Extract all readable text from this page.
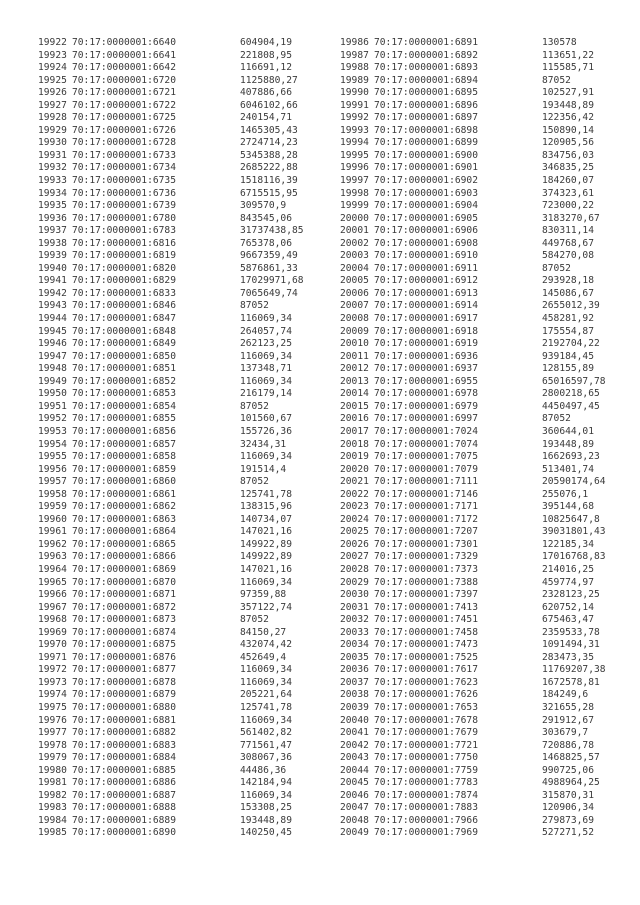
19922 70:17:0000001:6640	604904,19
19923 70:17:0000001:6641	221808,95
19924 70:17:0000001:6642	116691,12
19925 70:17:0000001:6720	1125880,27
19926 70:17:0000001:6721	407886,66
19927 70:17:0000001:6722	6046102,66
19928 70:17:0000001:6725	240154,71
19929 70:17:0000001:6726	1465305,43
19930 70:17:0000001:6728	2724714,23
19931 70:17:0000001:6733	5345388,28
19932 70:17:0000001:6734	2685222,88
19933 70:17:0000001:6735	1518116,39
19934 70:17:0000001:6736	6715515,95
19935 70:17:0000001:6739	309570,9
19936 70:17:0000001:6780	843545,06
19937 70:17:0000001:6783	31737438,85
19938 70:17:0000001:6816	765378,06
19939 70:17:0000001:6819	9667359,49
19940 70:17:0000001:6820	5876861,33
19941 70:17:0000001:6829	17029971,68
19942 70:17:0000001:6833	7065649,74
19943 70:17:0000001:6846	87052
19944 70:17:0000001:6847	116069,34
19945 70:17:0000001:6848	264057,74
19946 70:17:0000001:6849	262123,25
19947 70:17:0000001:6850	116069,34
19948 70:17:0000001:6851	137348,71
19949 70:17:0000001:6852	116069,34
19950 70:17:0000001:6853	216179,14
19951 70:17:0000001:6854	87052
19952 70:17:0000001:6855	101560,67
19953 70:17:0000001:6856	155726,36
19954 70:17:0000001:6857	32434,31
19955 70:17:0000001:6858	116069,34
19956 70:17:0000001:6859	191514,4
19957 70:17:0000001:6860	87052
19958 70:17:0000001:6861	125741,78
19959 70:17:0000001:6862	138315,96
19960 70:17:0000001:6863	140734,07
19961 70:17:0000001:6864	147021,16
19962 70:17:0000001:6865	149922,89
19963 70:17:0000001:6866	149922,89
19964 70:17:0000001:6869	147021,16
19965 70:17:0000001:6870	116069,34
19966 70:17:0000001:6871	97359,88
19967 70:17:0000001:6872	357122,74
19968 70:17:0000001:6873	87052
19969 70:17:0000001:6874	84150,27
19970 70:17:0000001:6875	432074,42
19971 70:17:0000001:6876	452649,4
19972 70:17:0000001:6877	116069,34
19973 70:17:0000001:6878	116069,34
19974 70:17:0000001:6879	205221,64
19975 70:17:0000001:6880	125741,78
19976 70:17:0000001:6881	116069,34
19977 70:17:0000001:6882	561402,82
19978 70:17:0000001:6883	771561,47
19979 70:17:0000001:6884	308067,36
19980 70:17:0000001:6885	44486,36
19981 70:17:0000001:6886	142184,94
19982 70:17:0000001:6887	116069,34
19983 70:17:0000001:6888	153308,25
19984 70:17:0000001:6889	193448,89
19985 70:17:0000001:6890	140250,45
19986 70:17:0000001:6891	130578
19987 70:17:0000001:6892	113651,22
19988 70:17:0000001:6893	115585,71
19989 70:17:0000001:6894	87052
19990 70:17:0000001:6895	102527,91
19991 70:17:0000001:6896	193448,89
19992 70:17:0000001:6897	122356,42
19993 70:17:0000001:6898	150890,14
19994 70:17:0000001:6899	120905,56
19995 70:17:0000001:6900	834756,03
19996 70:17:0000001:6901	346835,25
19997 70:17:0000001:6902	184260,07
19998 70:17:0000001:6903	374323,61
19999 70:17:0000001:6904	723000,22
20000 70:17:0000001:6905	3183270,67
20001 70:17:0000001:6906	830311,14
20002 70:17:0000001:6908	449768,67
20003 70:17:0000001:6910	584270,08
20004 70:17:0000001:6911	87052
20005 70:17:0000001:6912	293928,18
20006 70:17:0000001:6913	145086,67
20007 70:17:0000001:6914	2655012,39
20008 70:17:0000001:6917	458281,92
20009 70:17:0000001:6918	175554,87
20010 70:17:0000001:6919	2192704,22
20011 70:17:0000001:6936	939184,45
20012 70:17:0000001:6937	128155,89
20013 70:17:0000001:6955	65016597,78
20014 70:17:0000001:6978	2800218,65
20015 70:17:0000001:6979	4450497,45
20016 70:17:0000001:6997	87052
20017 70:17:0000001:7024	360644,01
20018 70:17:0000001:7074	193448,89
20019 70:17:0000001:7075	1662693,23
20020 70:17:0000001:7079	513401,74
20021 70:17:0000001:7111	20590174,64
20022 70:17:0000001:7146	255076,1
20023 70:17:0000001:7171	395144,68
20024 70:17:0000001:7172	10825647,8
20025 70:17:0000001:7207	39031801,43
20026 70:17:0000001:7301	122185,34
20027 70:17:0000001:7329	17016768,83
20028 70:17:0000001:7373	214016,25
20029 70:17:0000001:7388	459774,97
20030 70:17:0000001:7397	2328123,25
20031 70:17:0000001:7413	620752,14
20032 70:17:0000001:7451	675463,47
20033 70:17:0000001:7458	2359533,78
20034 70:17:0000001:7473	1091494,31
20035 70:17:0000001:7525	283473,35
20036 70:17:0000001:7617	11769207,38
20037 70:17:0000001:7623	1672578,81
20038 70:17:0000001:7626	184249,6
20039 70:17:0000001:7653	321655,28
20040 70:17:0000001:7678	291912,67
20041 70:17:0000001:7679	303679,7
20042 70:17:0000001:7721	720886,78
20043 70:17:0000001:7750	1468825,57
20044 70:17:0000001:7759	990725,06
20045 70:17:0000001:7783	4988964,25
20046 70:17:0000001:7874	315870,31
20047 70:17:0000001:7883	120906,34
20048 70:17:0000001:7966	279873,69
20049 70:17:0000001:7969	527271,52
